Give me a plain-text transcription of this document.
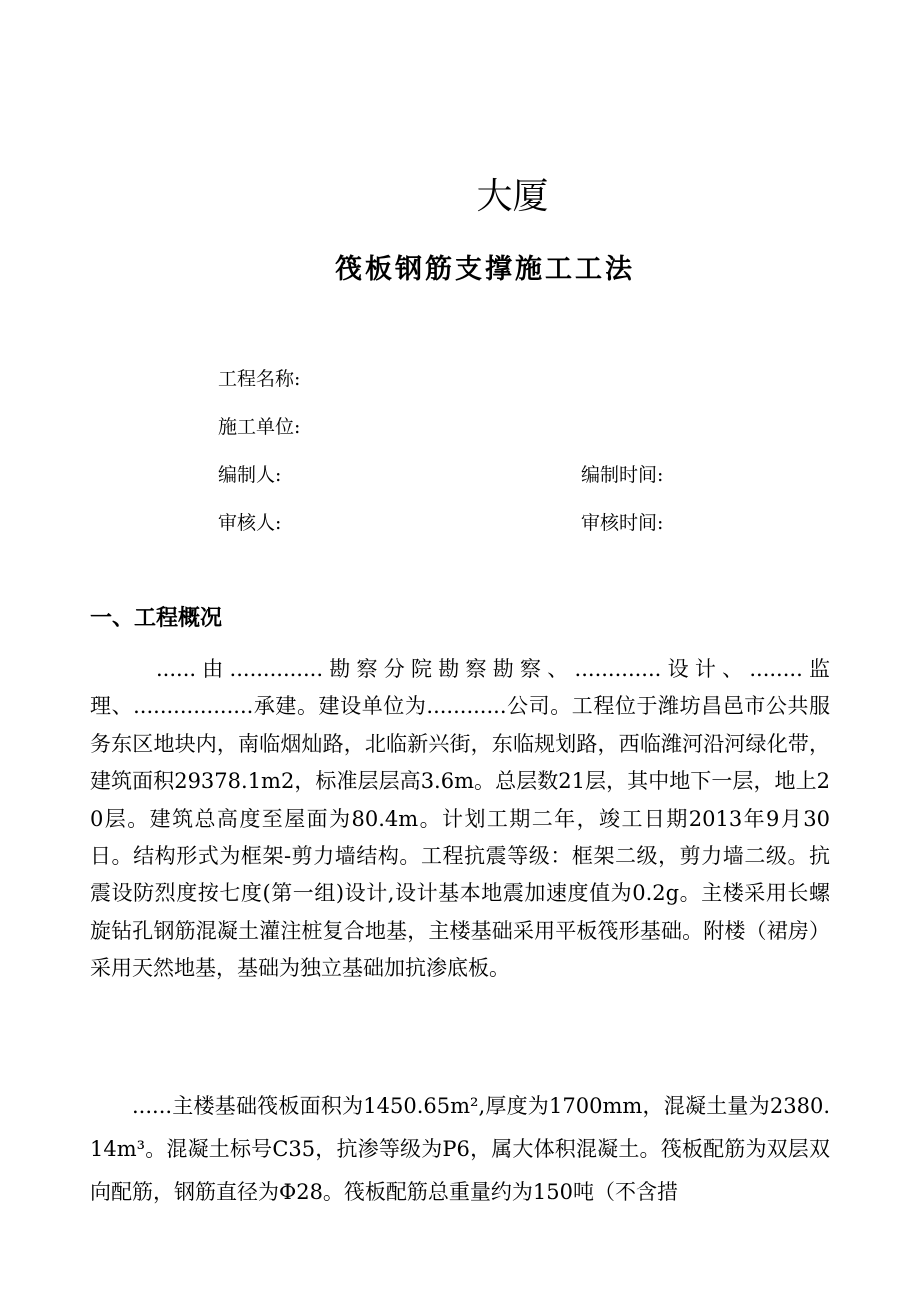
大厦
筏板钢筋支撑施工工法
工程名称:
施工单位:
编制人:	编制时间:
审核人:	审核时间:
一、工程概况

......由..............勘察分院勘察勘察、.............设计、........监理、..................承建。建设单位为............公司。工程位于潍坊昌邑市公共服务东区地块内，南临烟灿路，北临新兴街，东临规划路，西临潍河沿河绿化带，建筑面积29378.1m2，标准层层高3.6m。总层数21层，其中地下一层，地上20层。建筑总高度至屋面为80.4m。计划工期二年，竣工日期2013年9月30日。结构形式为框架-剪力墙结构。工程抗震等级：框架二级，剪力墙二级。抗震设防烈度按七度(第一组)设计,设计基本地震加速度值为0.2g。主楼采用长螺旋钻孔钢筋混凝土灌注桩复合地基，主楼基础采用平板筏形基础。附楼（裙房）采用天然地基，基础为独立基础加抗渗底板。

......主楼基础筏板面积为1450.65m²,厚度为1700mm，混凝土量为2380.14m³。混凝土标号C35，抗渗等级为P6，属大体积混凝土。筏板配筋为双层双向配筋，钢筋直径为Φ28。筏板配筋总重量约为150吨（不含措
